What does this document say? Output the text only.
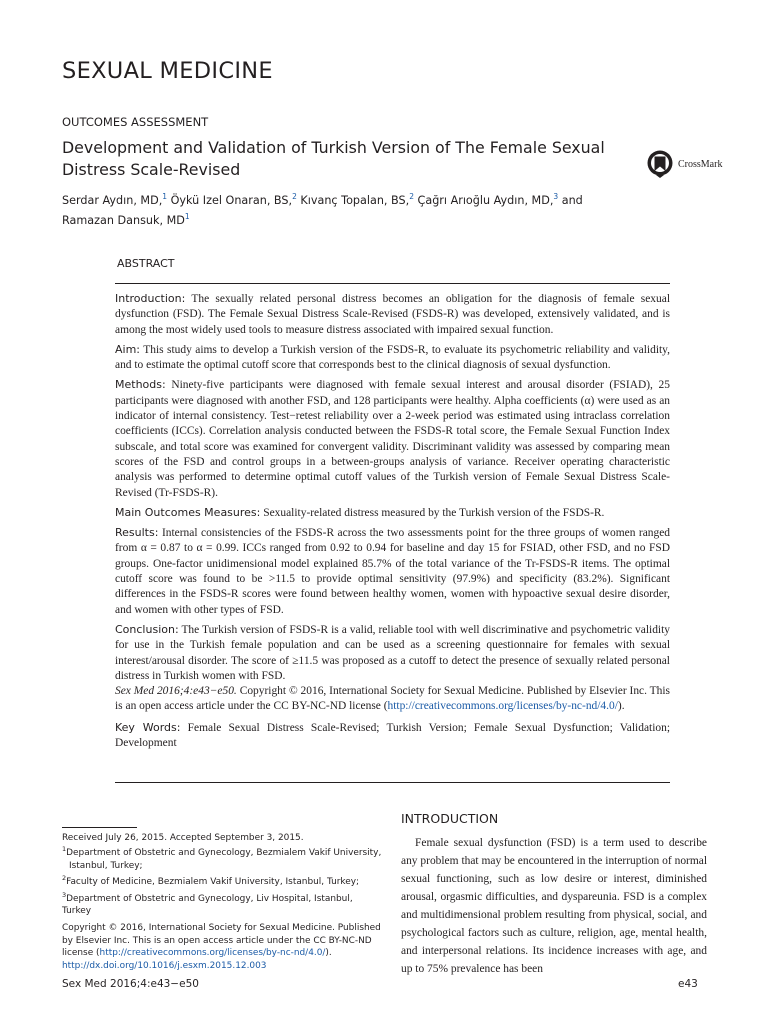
SEXUAL MEDICINE
OUTCOMES ASSESSMENT
Development and Validation of Turkish Version of The Female Sexual Distress Scale-Revised	CrossMark
Serdar Aydın, MD,$^1$ Öykü Izel Onaran, BS,$^2$ Kıvanç Topalan, BS,$^2$ Çağrı Arıoğlu Aydın, MD,$^3$ and
Ramazan Dansuk, $MD^1$
ABSTRACT

Introduction: The sexually related personal distress becomes an obligation for the diagnosis of female sexual dysfunction (FSD). The Female Sexual Distress Scale-Revised (FSDS-R) was developed, extensively validated, and is among the most widely used tools to measure distress associated with impaired sexual function.

Aim: This study aims to develop a Turkish version of the FSDS-R, to evaluate its psychometric reliability and validity, and to estimate the optimal cutoff score that corresponds best to the clinical diagnosis of sexual dysfunction.

Methods: Ninety-five participants were diagnosed with female sexual interest and arousal disorder (FSIAD), 25 participants were diagnosed with another FSD, and 128 participants were healthy. Alpha coefficients (α) were used as an indicator of internal consistency. Test−retest reliability over a 2-week period was estimated using intraclass correlation coefficients (ICCs). Correlation analysis conducted between the FSDS-R total score, the Female Sexual Function Index subscale, and total score was examined for convergent validity. Discriminant validity was assessed by comparing mean scores of the FSD and control groups in a between-groups analysis of variance. Receiver operating characteristic analysis was performed to determine optimal cutoff values of the Turkish version of Female Sexual Distress Scale-Revised (Tr-FSDS-R).

Main Outcomes Measures: Sexuality-related distress measured by the Turkish version of the FSDS-R.

Results: Internal consistencies of the FSDS-R across the two assessments point for the three groups of women ranged from α = 0.87 to α = 0.99. ICCs ranged from 0.92 to 0.94 for baseline and day 15 for FSIAD, other FSD, and no FSD groups. One-factor unidimensional model explained 85.7% of the total variance of the Tr-FSDS-R items. The optimal cutoff score was found to be >11.5 to provide optimal sensitivity (97.9%) and specificity (83.2%). Significant differences in the FSDS-R scores were found between healthy women, women with hypoactive sexual desire disorder, and women with other types of FSD.

Conclusion: The Turkish version of FSDS-R is a valid, reliable tool with well discriminative and psychometric validity for use in the Turkish female population and can be used as a screening questionnaire for females with sexual interest/arousal disorder. The score of ≥11.5 was proposed as a cutoff to detect the presence of sexually related personal distress in Turkish women with FSD.

Sex Med 2016;4:e43−e50. Copyright © 2016, International Society for Sexual Medicine. Published by Elsevier Inc. This is an open access article under the CC BY-NC-ND license (http://creativecommons.org/licenses/by-nc-nd/4.0/).

Key Words: Female Sexual Distress Scale-Revised; Turkish Version; Female Sexual Dysfunction; Validation; Development

INTRODUCTION

Female sexual dysfunction (FSD) is a term used to describe any problem that may be encountered in the interruption of normal sexual functioning, such as low desire or interest, diminished arousal, orgasmic difficulties, and dyspareunia. FSD is a complex and multidimensional problem resulting from physical, social, and psychological factors such as culture, religion, age, mental health, and interpersonal relations. Its incidence increases with age, and up to 75% prevalence has been

Received July 26, 2015. Accepted September 3, 2015.

$^1$Department of Obstetric and Gynecology, Bezmialem Vakif University, Istanbul, Turkey;

$^2$Faculty of Medicine, Bezmialem Vakif University, Istanbul, Turkey;

$^3$Department of Obstetric and Gynecology, Liv Hospital, Istanbul, Turkey

Copyright © 2016, International Society for Sexual Medicine. Published by Elsevier Inc. This is an open access article under the CC BY-NC-ND license (http://creativecommons.org/licenses/by-nc-nd/4.0/).

http://dx.doi.org/10.1016/j.esxm.2015.12.003

Sex Med 2016;4:e43−e50	e43
